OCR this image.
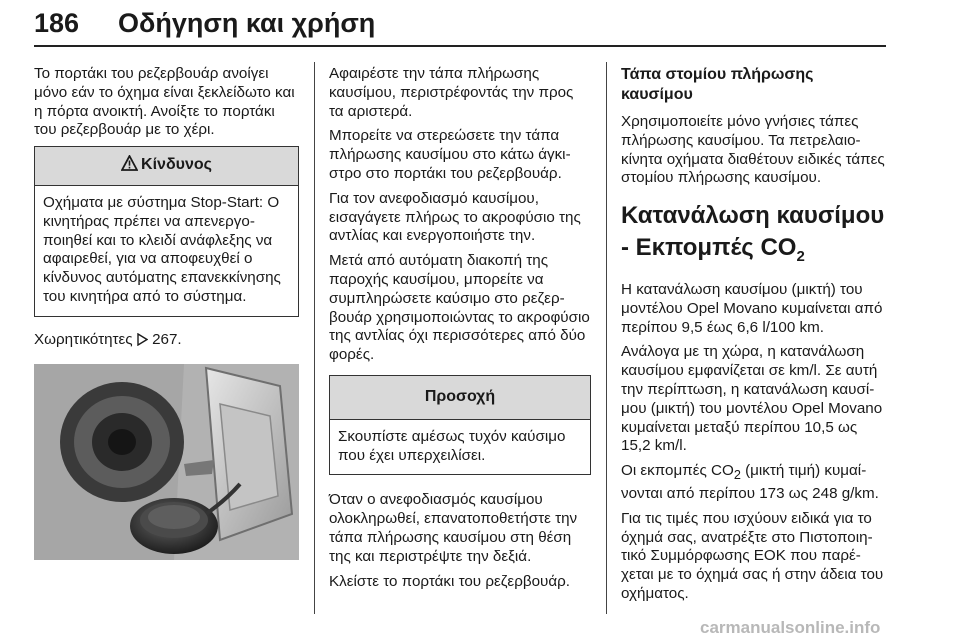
186 Οδήγηση και χρήση

Το πορτάκι του ρεζερβουάρ ανοίγει μόνο εάν το όχημα είναι ξεκλείδωτο και η πόρτα ανοικτή. Ανοίξτε το πορτάκι του ρεζερβουάρ με το χέρι.

Κίνδυνος
Οχήματα με σύστημα Stop-Start: Ο κινητήρας πρέπει να απενεργοποιηθεί και το κλειδί ανάφλεξης να αφαιρεθεί, για να αποφευχθεί ο κίνδυνος αυτόματης επανεκκίνησης του κινητήρα από το σύστημα.

Χωρητικότητες 267.

Αφαιρέστε την τάπα πλήρωσης καυσίμου, περιστρέφοντάς την προς τα αριστερά.

Μπορείτε να στερεώσετε την τάπα πλήρωσης καυσίμου στο κάτω άγκιστρο στο πορτάκι του ρεζερβουάρ.

Για τον ανεφοδιασμό καυσίμου, εισαγάγετε πλήρως το ακροφύσιο της αντλίας και ενεργοποιήστε την.

Μετά από αυτόματη διακοπή της παροχής καυσίμου, μπορείτε να συμπληρώσετε καύσιμο στο ρεζερβουάρ χρησιμοποιώντας το ακροφύσιο της αντλίας όχι περισσότερες από δύο φορές.

Προσοχή
Σκουπίστε αμέσως τυχόν καύσιμο που έχει υπερχειλίσει.

Όταν ο ανεφοδιασμός καυσίμου ολοκληρωθεί, επανατοποθετήστε την τάπα πλήρωσης καυσίμου στη θέση της και περιστρέψτε την δεξιά.

Κλείστε το πορτάκι του ρεζερβουάρ.

Τάπα στομίου πλήρωσης καυσίμου

Χρησιμοποιείτε μόνο γνήσιες τάπες πλήρωσης καυσίμου. Τα πετρελαιοκίνητα οχήματα διαθέτουν ειδικές τάπες στομίου πλήρωσης καυσίμου.

Κατανάλωση καυσίμου - Εκπομπές $CO_2$

Η κατανάλωση καυσίμου (μικτή) του μοντέλου Opel Movano κυμαίνεται από περίπου 9,5 έως 6,6 l/100 km.

Ανάλογα με τη χώρα, η κατανάλωση καυσίμου εμφανίζεται σε km/l. Σε αυτή την περίπτωση, η κατανάλωση καυσίμου (μικτή) του μοντέλου Opel Movano κυμαίνεται μεταξύ περίπου 10,5 ως 15,2 km/l.

Οι εκπομπές $CO_2$ (μικτή τιμή) κυμαίνονται από περίπου 173 ως 248 g/km.

Για τις τιμές που ισχύουν ειδικά για το όχημά σας, ανατρέξτε στο Πιστοποιητικό Συμμόρφωσης ΕΟΚ που παρέχεται με το όχημά σας ή στην άδεια του οχήματος.

carmanualsonline.info
